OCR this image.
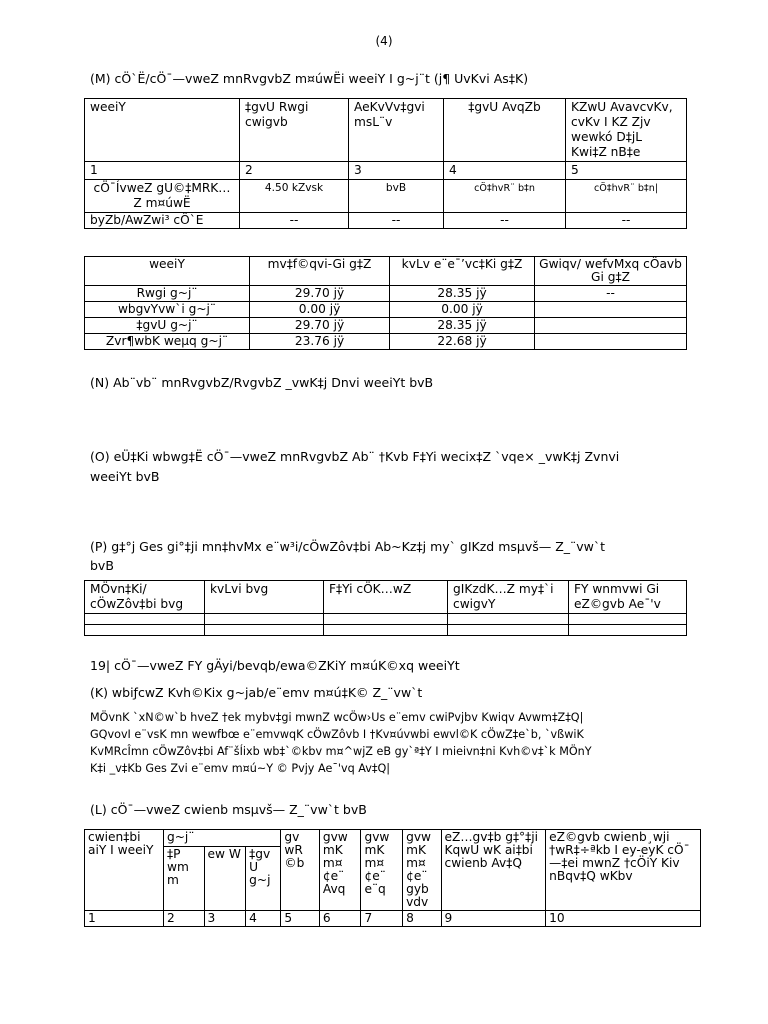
(4)
(M) cÖ`Ë/cÖ¯—vweZ mnRvgvbZ m¤úwËi weeiY I g~j¨t (j¶ UvKvi As‡K)
weeiY	‡gvU Rwgi cwigvb	AeKvVv‡gvi msL¨v	‡gvU AvqZb	KZwU AvavcvKv, cvKv I KZ Zjv wewkó D‡jL Kwi‡Z nB‡e
1	2	3	4	5
cÖ¯ÍvweZ gU©‡MRK…Z m¤úwË	4.50 kZvsk	bvB	cÖ‡hvR¨ b‡n	cÖ‡hvR¨ b‡n|
byZb/AwZwi³ cÖ`E	--	--	--	--
weeiY	mv‡f©qvi-Gi g‡Z	kvLv e¨e¯’vc‡Ki g‡Z	Gwiqv/ wefvMxq cÖavb Gi g‡Z
Rwgi g~j¨	29.70 jÿ	28.35 jÿ	--
wbgvYvw`i g~j¨	0.00 jÿ	0.00 jÿ	
‡gvU g~j¨	29.70 jÿ	28.35 jÿ	
Zvr¶wbK weµq g~j¨	23.76 jÿ	22.68 jÿ	
(N) Ab¨vb¨ mnRvgvbZ/RvgvbZ _vwK‡j Dnvi weeiYt bvB
(O) eÜ‡Ki wbwg‡Ë cÖ¯—vweZ mnRvgvbZ Ab¨ †Kvb F‡Yi wecix‡Z `vqe× _vwK‡j Zvnvi
weeiYt bvB
(P) g‡°j Ges gi°‡ji mn‡hvMx e¨w³i/cÖwZôv‡bi Ab~Kz‡j my` gIKzd msµvš— Z_¨vw`t
bvB
MÖvn‡Ki/ cÖwZôv‡bi bvg	kvLvi bvg	F‡Yi cÖK…wZ	gIKzdK…Z my‡`i cwigvY	FY wnmvwi Gi eZ©gvb Ae¯'v

19| cÖ¯—vweZ FY gÄyi/bevqb/ewa©ZKiY m¤úK©xq weeiYt
(K) wbiƒcwZ Kvh©Kix g~jab/e¨emv m¤ú‡K© Z_¨vw`t
MÖvnK `xN©w`b hveZ †ek mybv‡gi mwnZ wcÖw›Us e¨emv cwiPvjbv Kwiqv Avwm‡Z‡Q|
GQvovI e¨vsK mn wewfbœ e¨emvwqK cÖwZôvb I †Kv¤úvwbi ewvl©K cÖwZ‡e`b, `vßwiK
KvMRcÎmn cÖwZôv‡bi Af¨šÍixb wb‡`©kbv m¤^wjZ eB gy`ª‡Y I mieivn‡ni Kvh©v‡`k MÖnY
K‡i _v‡Kb Ges Zvi e¨emv m¤ú~Y © Pvjy Ae¯'vq Av‡Q|
(L) cÖ¯—vweZ cwienb msµvš— Z_¨vw`t bvB
cwien‡bi aiY I weeiY	g~j¨			gv wR ©b	gvw mK m¤ ¢e¨ Avq	gvw mK m¤ ¢e¨ e¨q	gvw mK m¤ ¢e¨ gyb vdv	eZ…gv‡b g‡°‡ji KqwU wK ai‡bi cwienb Av‡Q	eZ©gvb cwienb¸wji †wR‡÷ªkb I ey-eyK cÖ¯—‡ei mwnZ †cÖiY Kiv nBqv‡Q wKbv
	‡P wm m	ew W	‡gv U g~j						
1	2	3	4	5	6	7	8	9	10
